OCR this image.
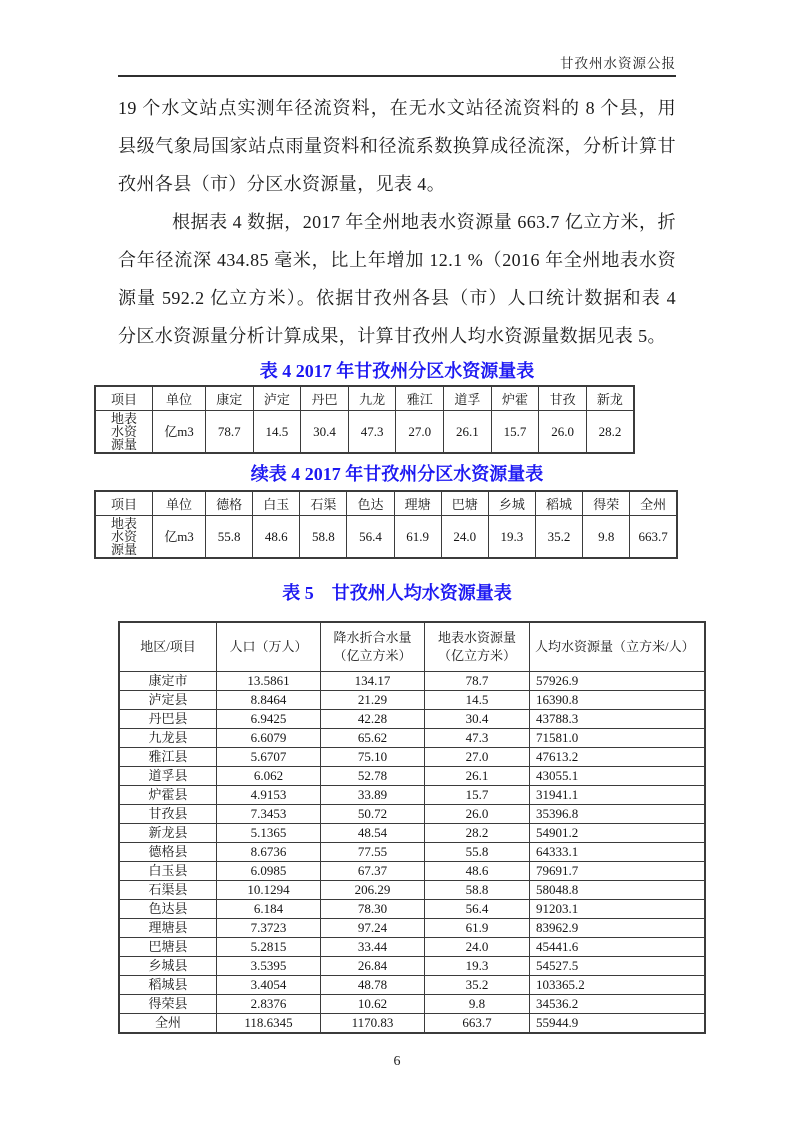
甘孜州水资源公报

19 个水文站点实测年径流资料，在无水文站径流资料的 8 个县，用县级气象局国家站点雨量资料和径流系数换算成径流深，分析计算甘孜州各县（市）分区水资源量，见表 4。

根据表 4 数据，2017 年全州地表水资源量 663.7 亿立方米，折合年径流深 434.85 毫米，比上年增加 12.1 %（2016 年全州地表水资源量 592.2 亿立方米）。依据甘孜州各县（市）人口统计数据和表 4 分区水资源量分析计算成果，计算甘孜州人均水资源量数据见表 5。

表 4 2017 年甘孜州分区水资源量表
项目	单位	康定	泸定	丹巴	九龙	雅江	道孚	炉霍	甘孜	新龙
地表水资源量	亿m3	78.7	14.5	30.4	47.3	27.0	26.1	15.7	26.0	28.2
续表 4 2017 年甘孜州分区水资源量表
项目	单位	德格	白玉	石渠	色达	理塘	巴塘	乡城	稻城	得荣	全州
地表水资源量	亿m3	55.8	48.6	58.8	56.4	61.9	24.0	19.3	35.2	9.8	663.7
表 5　甘孜州人均水资源量表
地区/项目	人口（万人）	降水折合水量（亿立方米）	地表水资源量（亿立方米）	人均水资源量（立方米/人）
康定市	13.5861	134.17	78.7	57926.9
泸定县	8.8464	21.29	14.5	16390.8
丹巴县	6.9425	42.28	30.4	43788.3
九龙县	6.6079	65.62	47.3	71581.0
雅江县	5.6707	75.10	27.0	47613.2
道孚县	6.062	52.78	26.1	43055.1
炉霍县	4.9153	33.89	15.7	31941.1
甘孜县	7.3453	50.72	26.0	35396.8
新龙县	5.1365	48.54	28.2	54901.2
德格县	8.6736	77.55	55.8	64333.1
白玉县	6.0985	67.37	48.6	79691.7
石渠县	10.1294	206.29	58.8	58048.8
色达县	6.184	78.30	56.4	91203.1
理塘县	7.3723	97.24	61.9	83962.9
巴塘县	5.2815	33.44	24.0	45441.6
乡城县	3.5395	26.84	19.3	54527.5
稻城县	3.4054	48.78	35.2	103365.2
得荣县	2.8376	10.62	9.8	34536.2
全州	118.6345	1170.83	663.7	55944.9
6
